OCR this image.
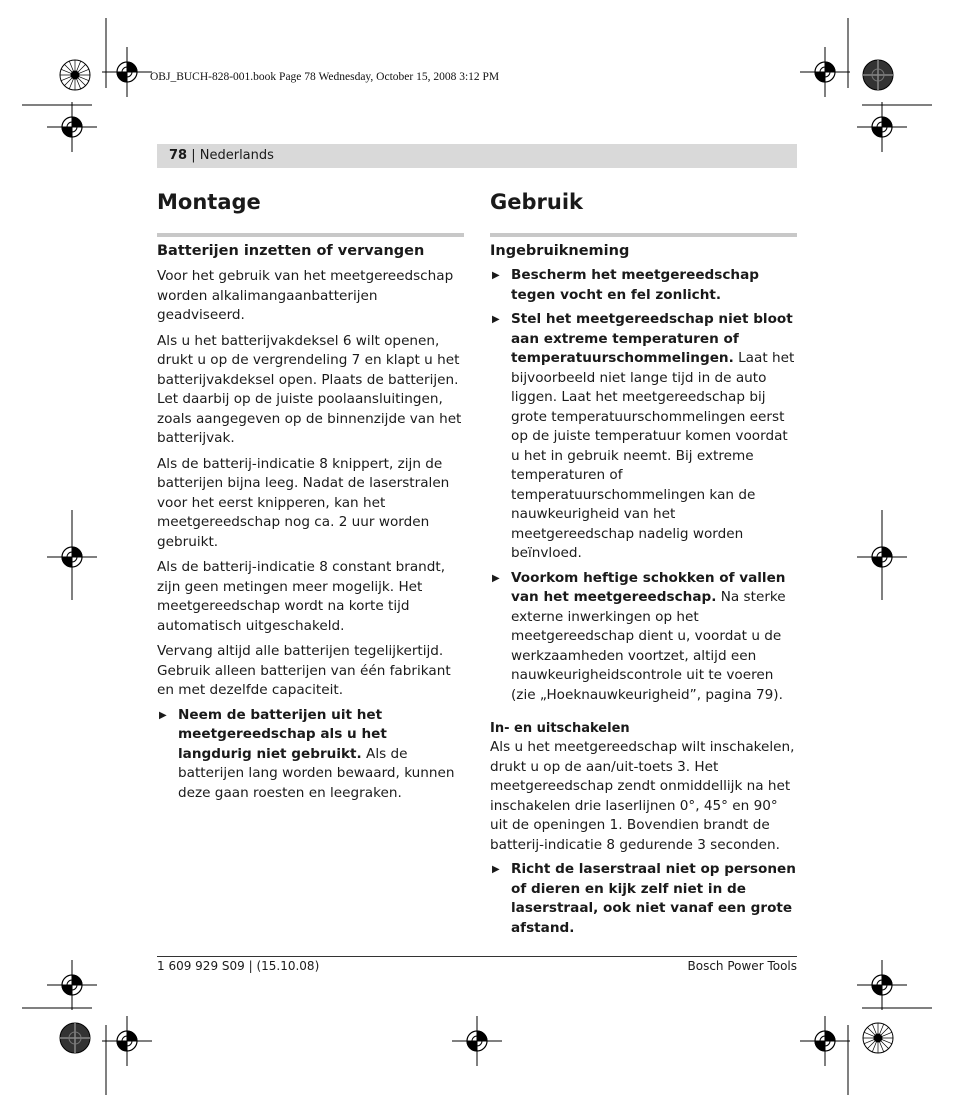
OBJ_BUCH-828-001.book Page 78 Wednesday, October 15, 2008 3:12 PM
78 | Nederlands
Montage
Batterijen inzetten of vervangen

Voor het gebruik van het meetgereedschap worden alkalimangaanbatterijen geadviseerd.

Als u het batterijvakdeksel 6 wilt openen, drukt u op de vergrendeling 7 en klapt u het batterijvakdeksel open. Plaats de batterijen. Let daarbij op de juiste poolaansluitingen, zoals aangegeven op de binnenzijde van het batterijvak.

Als de batterij-indicatie 8 knippert, zijn de batterijen bijna leeg. Nadat de laserstralen voor het eerst knipperen, kan het meetgereedschap nog ca. 2 uur worden gebruikt.

Als de batterij-indicatie 8 constant brandt, zijn geen metingen meer mogelijk. Het meetgereedschap wordt na korte tijd automatisch uitgeschakeld.

Vervang altijd alle batterijen tegelijkertijd. Gebruik alleen batterijen van één fabrikant en met dezelfde capaciteit.

▶ Neem de batterijen uit het meetgereedschap als u het langdurig niet gebruikt. Als de batterijen lang worden bewaard, kunnen deze gaan roesten en leegraken.
Gebruik
Ingebruikneming
▶ Bescherm het meetgereedschap tegen vocht en fel zonlicht.
▶ Stel het meetgereedschap niet bloot aan extreme temperaturen of temperatuurschommelingen. Laat het bijvoorbeeld niet lange tijd in de auto liggen. Laat het meetgereedschap bij grote temperatuurschommelingen eerst op de juiste temperatuur komen voordat u het in gebruik neemt. Bij extreme temperaturen of temperatuurschommelingen kan de nauwkeurigheid van het meetgereedschap nadelig worden beïnvloed.
▶ Voorkom heftige schokken of vallen van het meetgereedschap. Na sterke externe inwerkingen op het meetgereedschap dient u, voordat u de werkzaamheden voortzet, altijd een nauwkeurigheidscontrole uit te voeren (zie „Hoeknauwkeurigheid”, pagina 79).
In- en uitschakelen

Als u het meetgereedschap wilt inschakelen, drukt u op de aan/uit-toets 3. Het meetgereedschap zendt onmiddellijk na het inschakelen drie laserlijnen 0°, 45° en 90° uit de openingen 1. Bovendien brandt de batterij-indicatie 8 gedurende 3 seconden.

▶ Richt de laserstraal niet op personen of dieren en kijk zelf niet in de laserstraal, ook niet vanaf een grote afstand.
1 609 929 S09 | (15.10.08)	Bosch Power Tools
